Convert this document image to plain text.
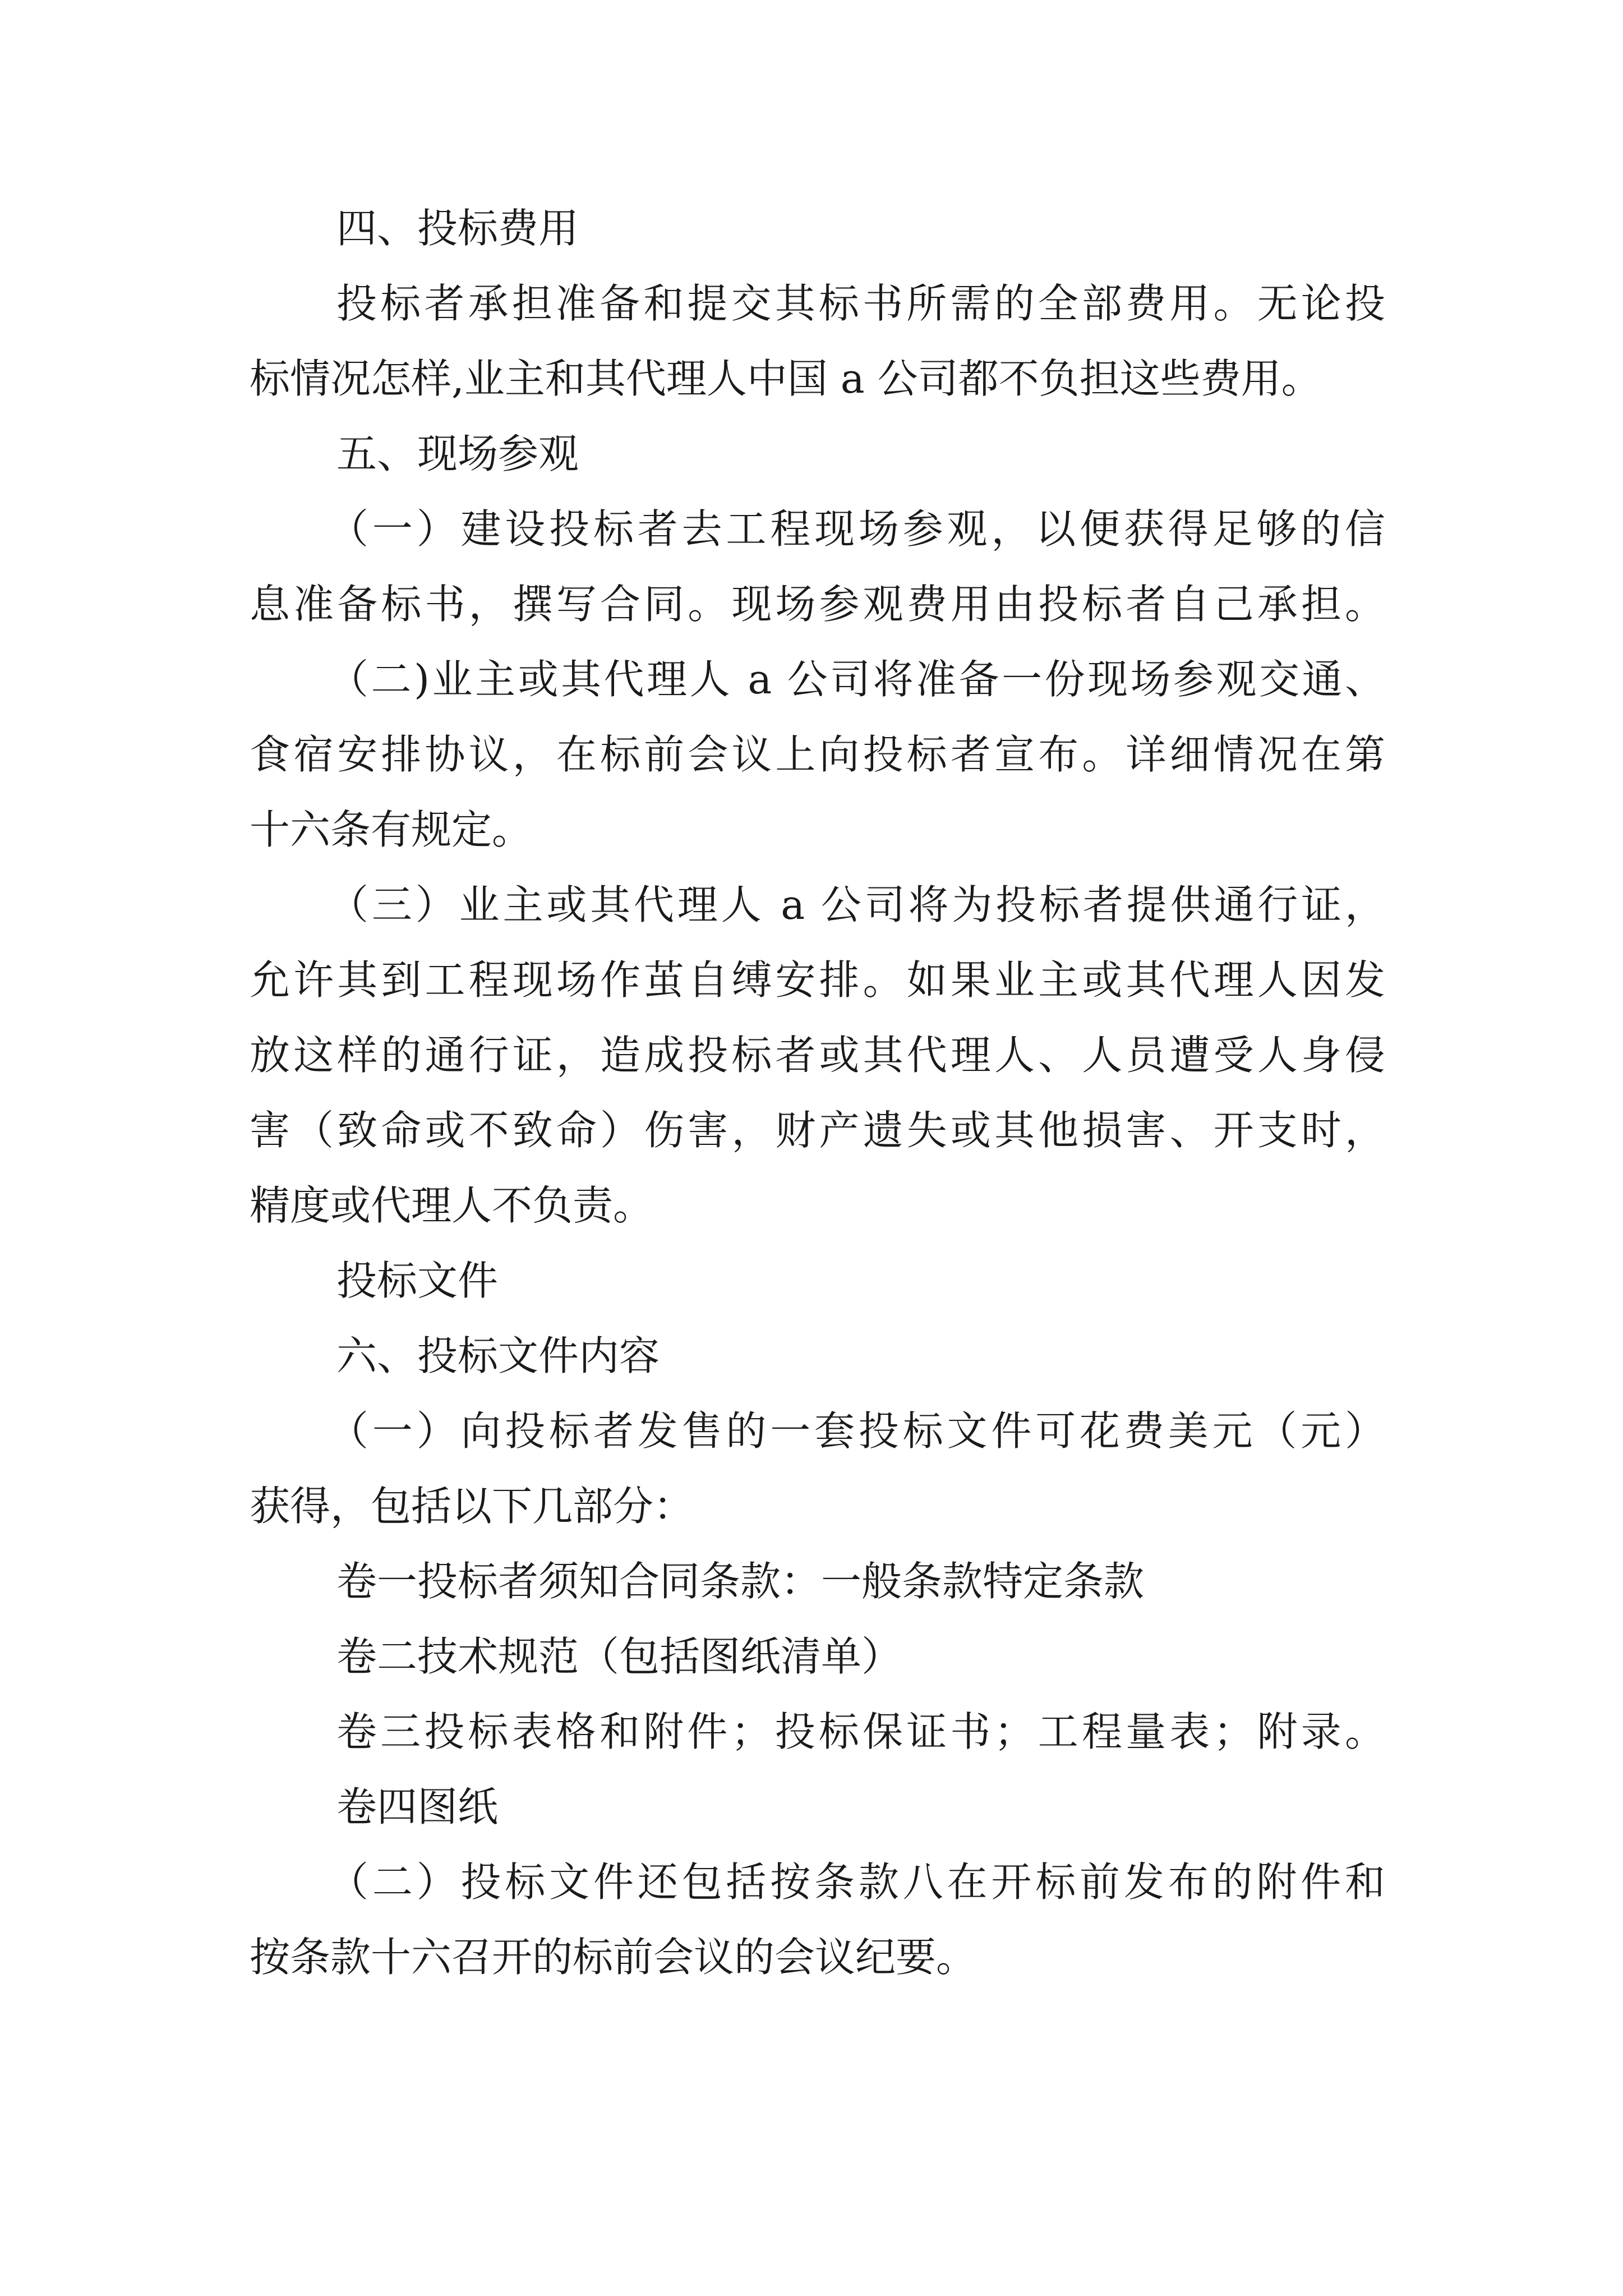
四、投标费用

投标者承担准备和提交其标书所需的全部费用。无论投

标情况怎样,业主和其代理人中国 a 公司都不负担这些费用。

五、现场参观

（一）建设投标者去工程现场参观，以便获得足够的信

息准备标书，撰写合同。现场参观费用由投标者自己承担。

（二)业主或其代理人 a 公司将准备一份现场参观交通、

食宿安排协议，在标前会议上向投标者宣布。详细情况在第

十六条有规定。

（三）业主或其代理人 a 公司将为投标者提供通行证，

允许其到工程现场作茧自缚安排。如果业主或其代理人因发

放这样的通行证，造成投标者或其代理人、人员遭受人身侵

害（致命或不致命）伤害，财产遗失或其他损害、开支时，

精度或代理人不负责。

投标文件

六、投标文件内容

（一）向投标者发售的一套投标文件可花费美元（元）

获得，包括以下几部分：

卷一投标者须知合同条款：一般条款特定条款

卷二技术规范（包括图纸清单）

卷三投标表格和附件；投标保证书；工程量表；附录。

卷四图纸

（二）投标文件还包括按条款八在开标前发布的附件和

按条款十六召开的标前会议的会议纪要。
